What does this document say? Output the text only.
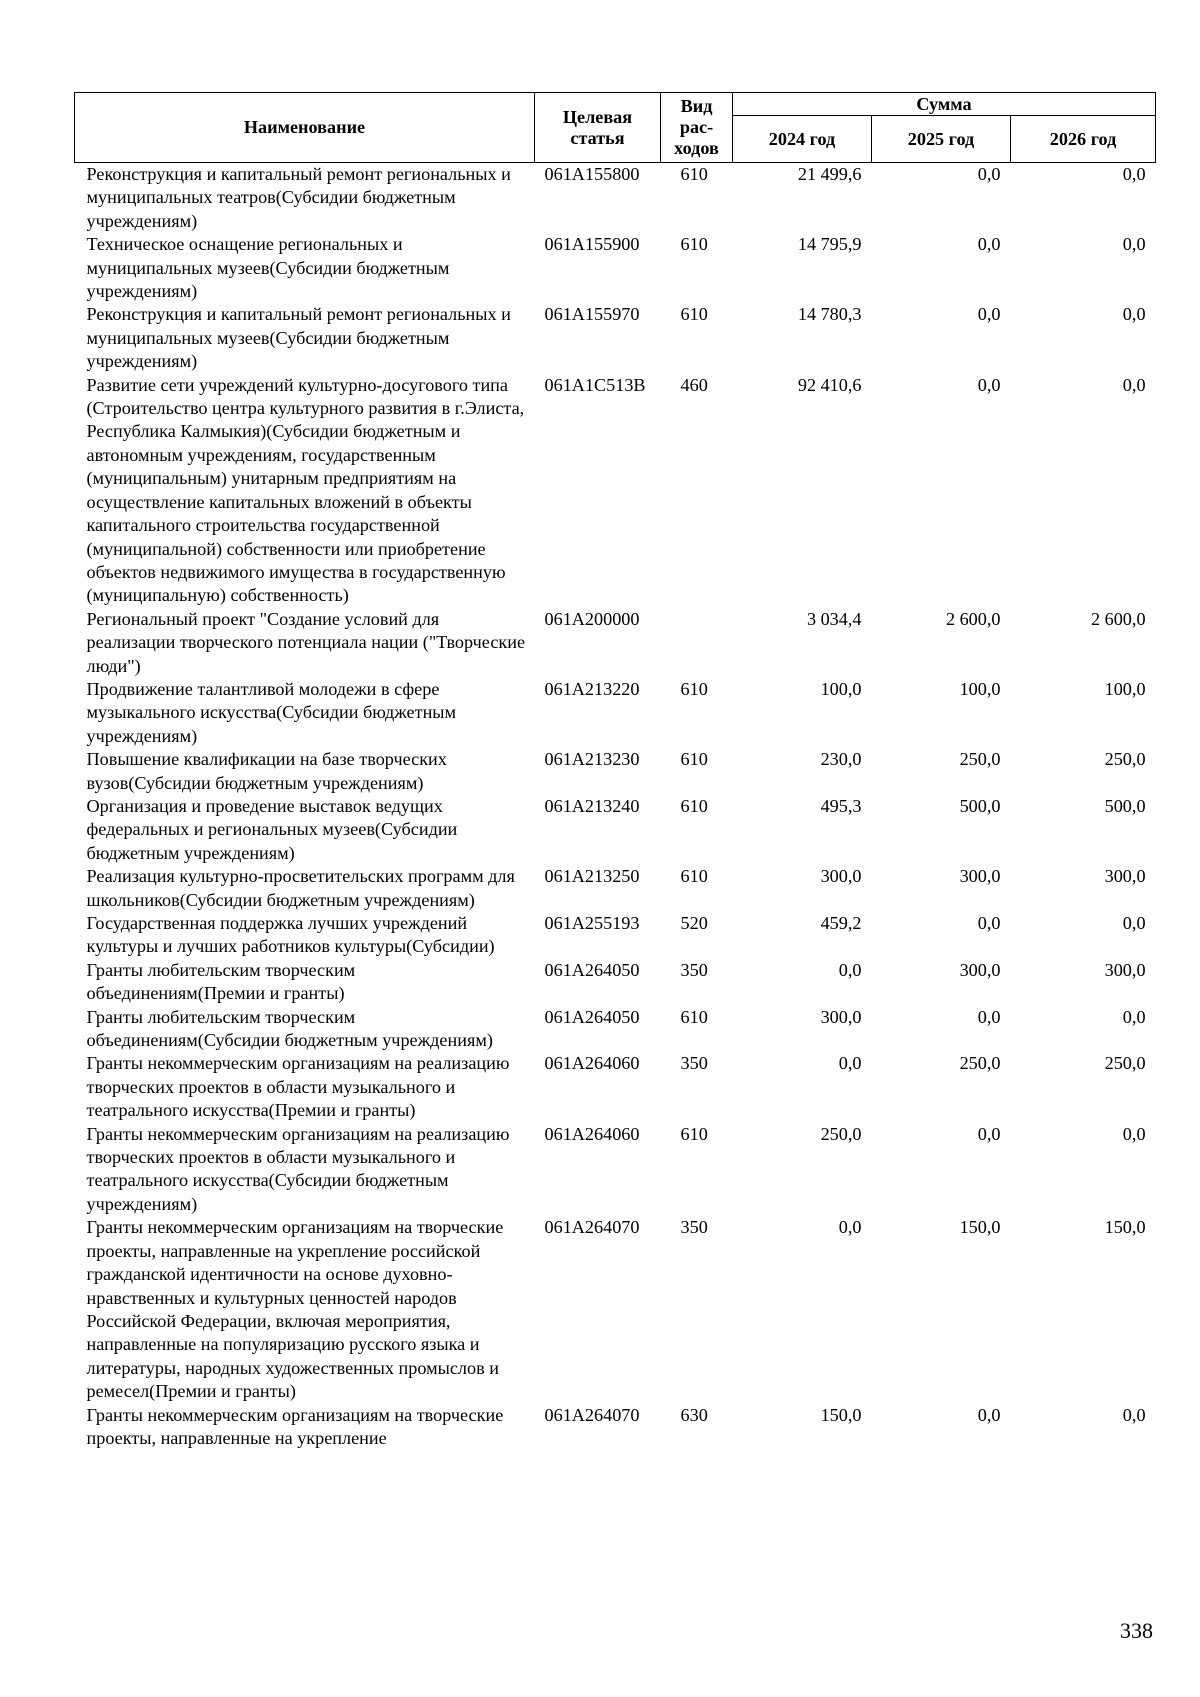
Наименование	Целевая статья	Вид рас-ходов	Сумма		
			2024 год	2025 год	2026 год
Реконструкция и капитальный ремонт региональных и муниципальных театров(Субсидии бюджетным учреждениям)	061A155800	610	21 499,6	0,0	0,0
Техническое оснащение региональных и муниципальных музеев(Субсидии бюджетным учреждениям)	061A155900	610	14 795,9	0,0	0,0
Реконструкция и капитальный ремонт региональных и муниципальных музеев(Субсидии бюджетным учреждениям)	061A155970	610	14 780,3	0,0	0,0
Развитие сети учреждений культурно-досугового типа (Строительство центра культурного развития в г.Элиста, Республика Калмыкия)(Субсидии бюджетным и автономным учреждениям, государственным (муниципальным) унитарным предприятиям на осуществление капитальных вложений в объекты капитального строительства государственной (муниципальной) собственности или приобретение объектов недвижимого имущества в государственную (муниципальную) собственность)	061A1C513B	460	92 410,6	0,0	0,0
Региональный проект "Создание условий для реализации творческого потенциала нации ("Творческие люди")	061A200000		3 034,4	2 600,0	2 600,0
Продвижение талантливой молодежи в сфере музыкального искусства(Субсидии бюджетным учреждениям)	061A213220	610	100,0	100,0	100,0
Повышение квалификации на базе творческих вузов(Субсидии бюджетным учреждениям)	061A213230	610	230,0	250,0	250,0
Организация и проведение выставок ведущих федеральных и региональных музеев(Субсидии бюджетным учреждениям)	061A213240	610	495,3	500,0	500,0
Реализация культурно-просветительских программ для школьников(Субсидии бюджетным учреждениям)	061A213250	610	300,0	300,0	300,0
Государственная поддержка лучших учреждений культуры и лучших работников культуры(Субсидии)	061A255193	520	459,2	0,0	0,0
Гранты любительским творческим объединениям(Премии и гранты)	061A264050	350	0,0	300,0	300,0
Гранты любительским творческим объединениям(Субсидии бюджетным учреждениям)	061A264050	610	300,0	0,0	0,0
Гранты некоммерческим организациям на реализацию творческих проектов в области музыкального и театрального искусства(Премии и гранты)	061A264060	350	0,0	250,0	250,0
Гранты некоммерческим организациям на реализацию творческих проектов в области музыкального и театрального искусства(Субсидии бюджетным учреждениям)	061A264060	610	250,0	0,0	0,0
Гранты некоммерческим организациям на творческие проекты, направленные на укрепление российской гражданской идентичности на основе духовно-нравственных и культурных ценностей народов Российской Федерации, включая мероприятия, направленные на популяризацию русского языка и литературы, народных художественных промыслов и ремесел(Премии и гранты)	061A264070	350	0,0	150,0	150,0
Гранты некоммерческим организациям на творческие проекты, направленные на укрепление	061A264070	630	150,0	0,0	0,0
338
